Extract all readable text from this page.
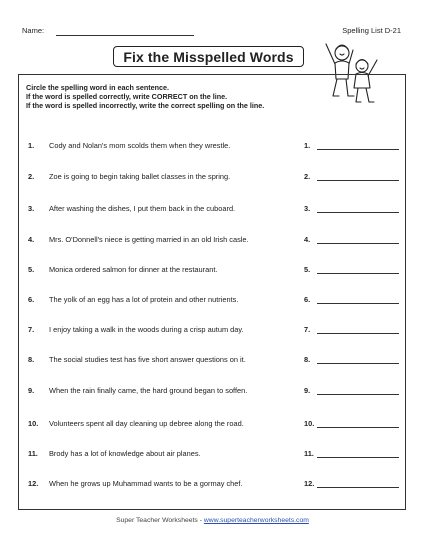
Name:	Spelling List D-21
Fix the Misspelled Words
Circle the spelling word in each sentence.
If the word is spelled correctly, write CORRECT on the line.
If the word is spelled incorrectly, write the correct spelling on the line.
1. Cody and Nolan's mom scolds them when they wrestle.	1.
2. Zoe is going to begin taking ballet classes in the spring.	2.
3. After washing the dishes, I put them back in the cuboard.	3.
4. Mrs. O'Donnell's niece is getting married in an old Irish casle.	4.
5. Monica ordered salmon for dinner at the restaurant.	5.
6. The yolk of an egg has a lot of protein and other nutrients.	6.
7. I enjoy taking a walk in the woods during a crisp autum day.	7.
8. The social studies test has five short answer questions on it.	8.
9. When the rain finally came, the hard ground began to soffen.	9.
10. Volunteers spent all day cleaning up debree along the road.	10.
11. Brody has a lot of knowledge about air planes.	11.
12. When he grows up Muhammad wants to be a gormay chef.	12.
Super Teacher Worksheets - www.superteacherworksheets.com
